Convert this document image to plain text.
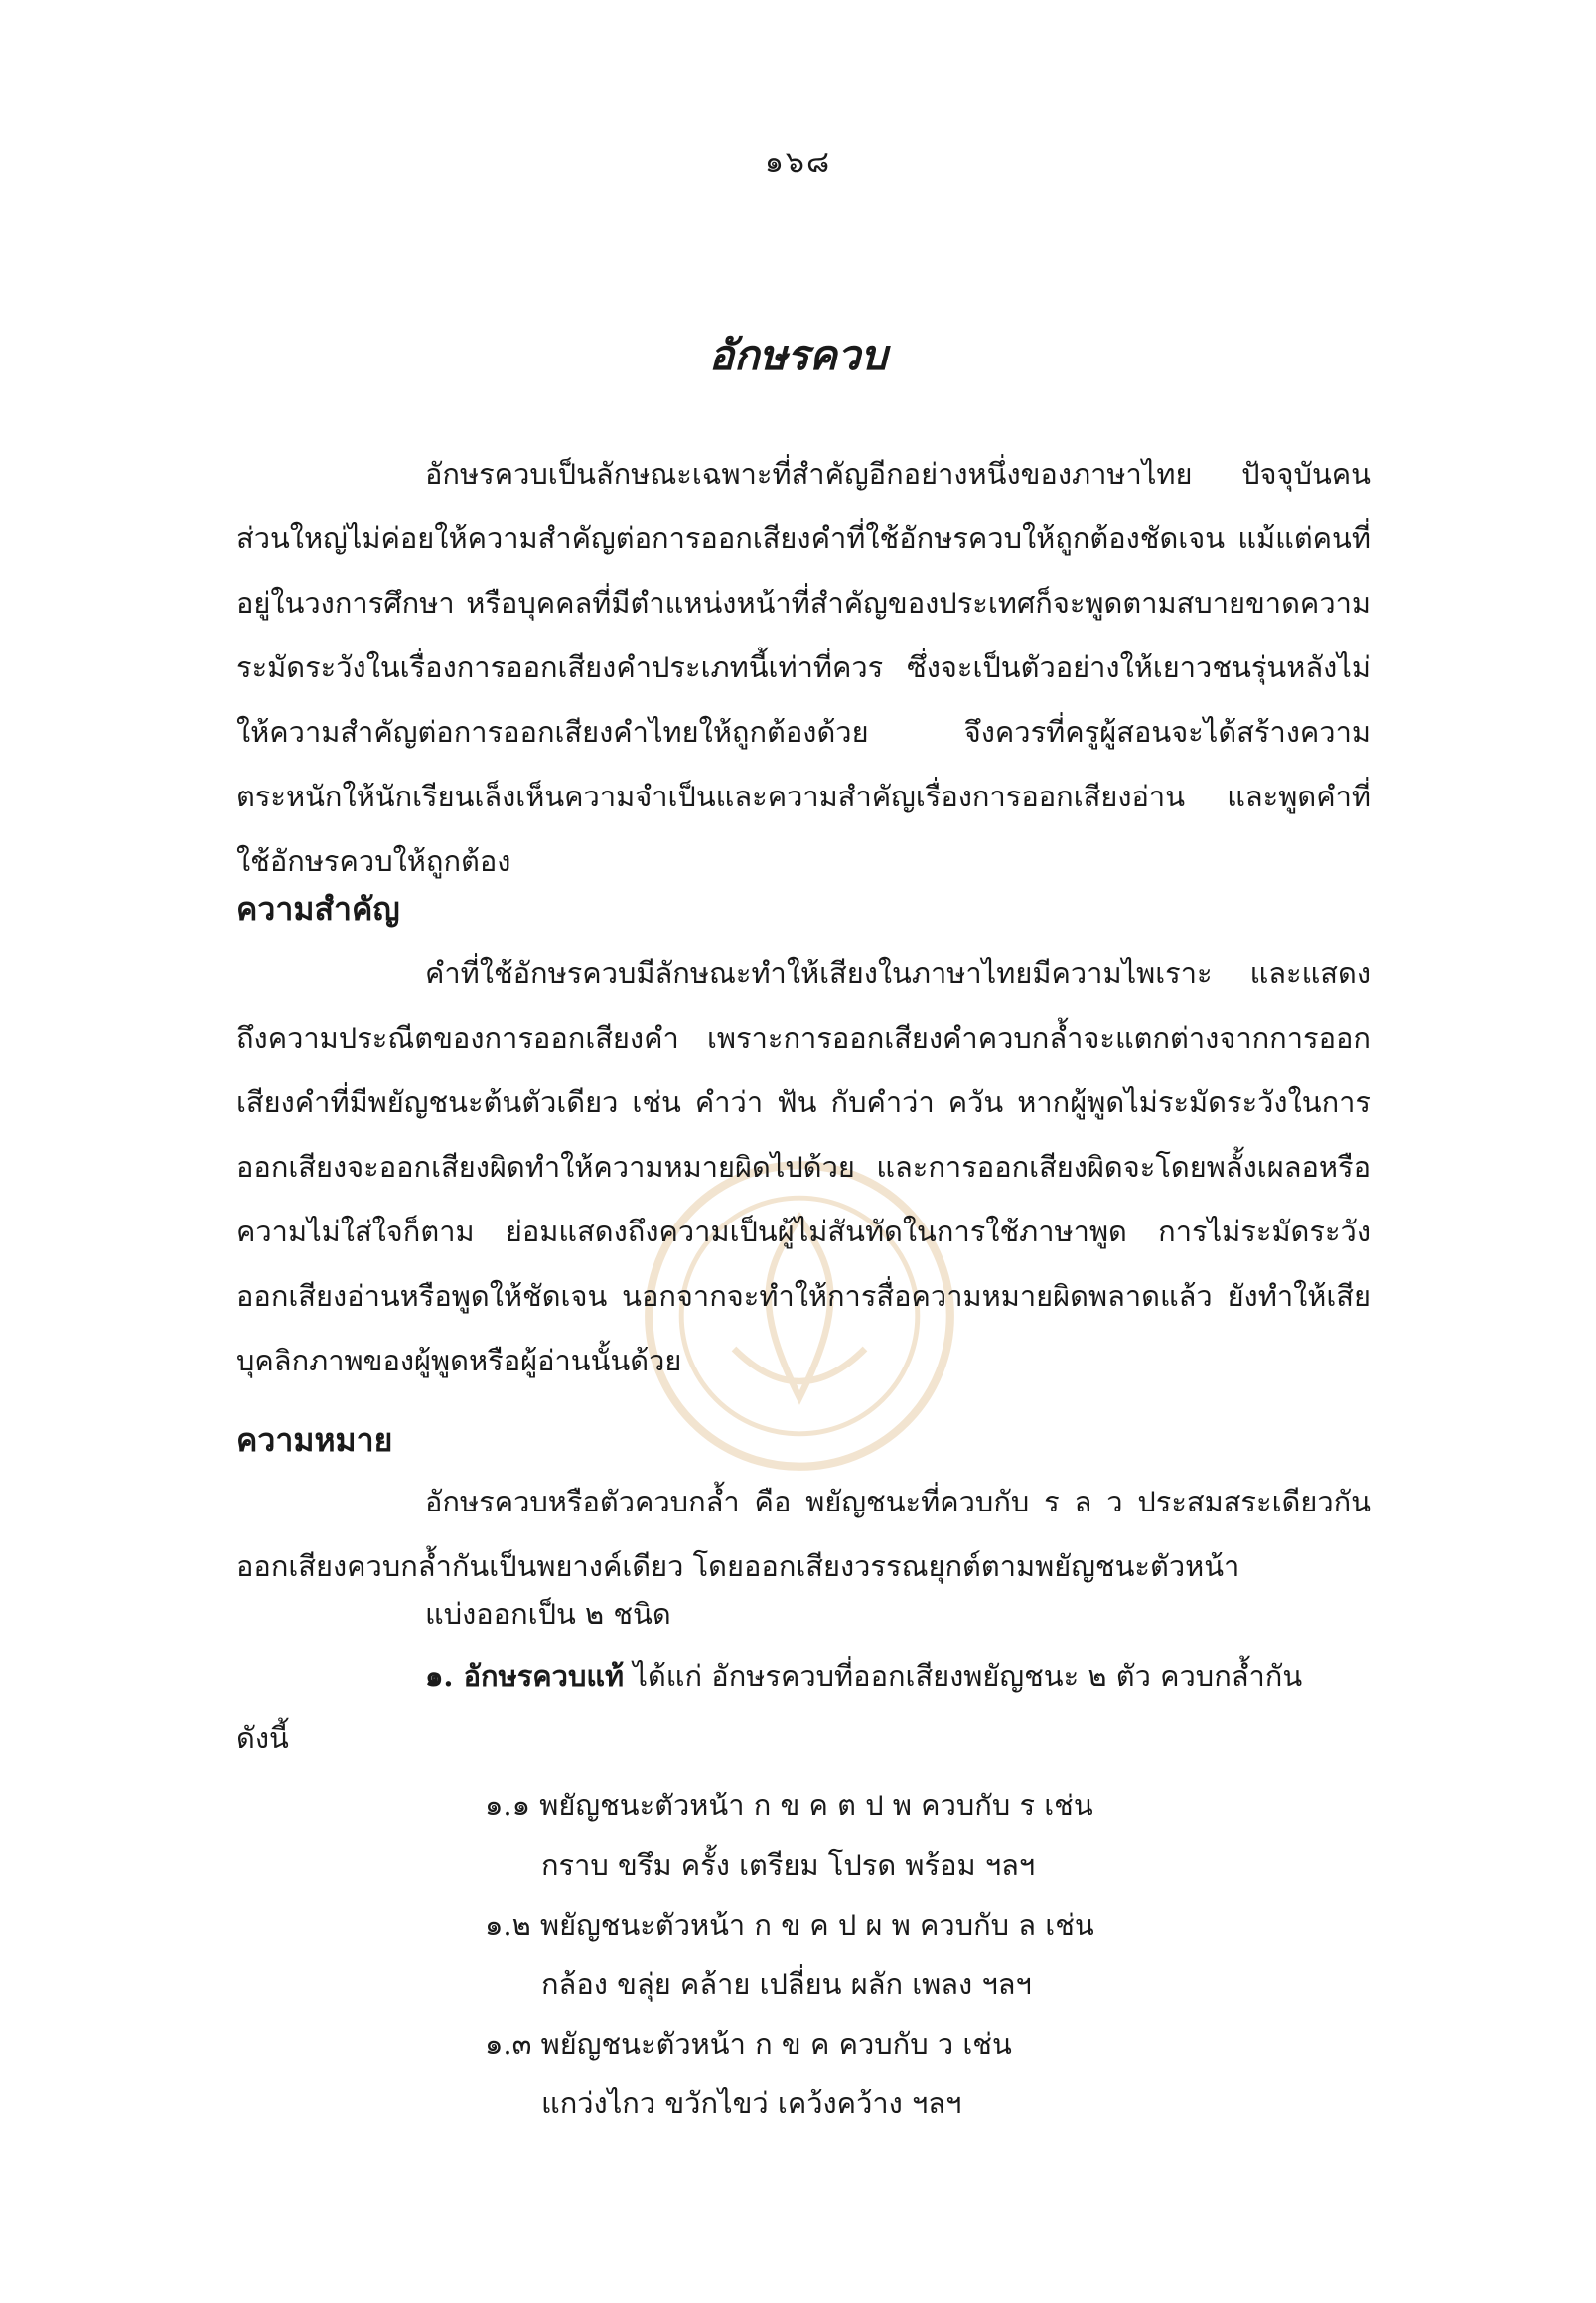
๑๖๘
อักษรควบ

อักษรควบเป็นลักษณะเฉพาะที่สำคัญอีกอย่างหนึ่งของภาษาไทย ปัจจุบันคนส่วนใหญ่ไม่ค่อยให้ความสำคัญต่อการออกเสียงคำที่ใช้อักษรควบให้ถูกต้องชัดเจน แม้แต่คนที่อยู่ในวงการศึกษา หรือบุคคลที่มีตำแหน่งหน้าที่สำคัญของประเทศก็จะพูดตามสบายขาดความระมัดระวังในเรื่องการออกเสียงคำประเภทนี้เท่าที่ควร ซึ่งจะเป็นตัวอย่างให้เยาวชนรุ่นหลังไม่ให้ความสำคัญต่อการออกเสียงคำไทยให้ถูกต้องด้วย จึงควรที่ครูผู้สอนจะได้สร้างความตระหนักให้นักเรียนเล็งเห็นความจำเป็นและความสำคัญเรื่องการออกเสียงอ่าน และพูดคำที่ใช้อักษรควบให้ถูกต้อง

ความสำคัญ

คำที่ใช้อักษรควบมีลักษณะทำให้เสียงในภาษาไทยมีความไพเราะ และแสดงถึงความประณีตของการออกเสียงคำ เพราะการออกเสียงคำควบกล้ำจะแตกต่างจากการออกเสียงคำที่มีพยัญชนะต้นตัวเดียว เช่น คำว่า ฟัน กับคำว่า ควัน หากผู้พูดไม่ระมัดระวังในการออกเสียงจะออกเสียงผิดทำให้ความหมายผิดไปด้วย และการออกเสียงผิดจะโดยพลั้งเผลอหรือความไม่ใส่ใจก็ตาม ย่อมแสดงถึงความเป็นผู้ไม่สันทัดในการใช้ภาษาพูด การไม่ระมัดระวังออกเสียงอ่านหรือพูดให้ชัดเจน นอกจากจะทำให้การสื่อความหมายผิดพลาดแล้ว ยังทำให้เสียบุคลิกภาพของผู้พูดหรือผู้อ่านนั้นด้วย

ความหมาย

อักษรควบหรือตัวควบกล้ำ คือ พยัญชนะที่ควบกับ ร ล ว ประสมสระเดียวกันออกเสียงควบกล้ำกันเป็นพยางค์เดียว โดยออกเสียงวรรณยุกต์ตามพยัญชนะตัวหน้า

แบ่งออกเป็น ๒ ชนิด
๑. อักษรควบแท้ ได้แก่ อักษรควบที่ออกเสียงพยัญชนะ ๒ ตัว ควบกล้ำกัน
ดังนี้
๑.๑ พยัญชนะตัวหน้า ก ข ค ต ป พ ควบกับ ร เช่น
กราบ ขรึม ครั้ง เตรียม โปรด พร้อม ฯลฯ
๑.๒ พยัญชนะตัวหน้า ก ข ค ป ผ พ ควบกับ ล เช่น
กล้อง ขลุ่ย คล้าย เปลี่ยน ผลัก เพลง ฯลฯ
๑.๓ พยัญชนะตัวหน้า ก ข ค ควบกับ ว เช่น
แกว่งไกว ขวักไขว่ เคว้งคว้าง ฯลฯ
